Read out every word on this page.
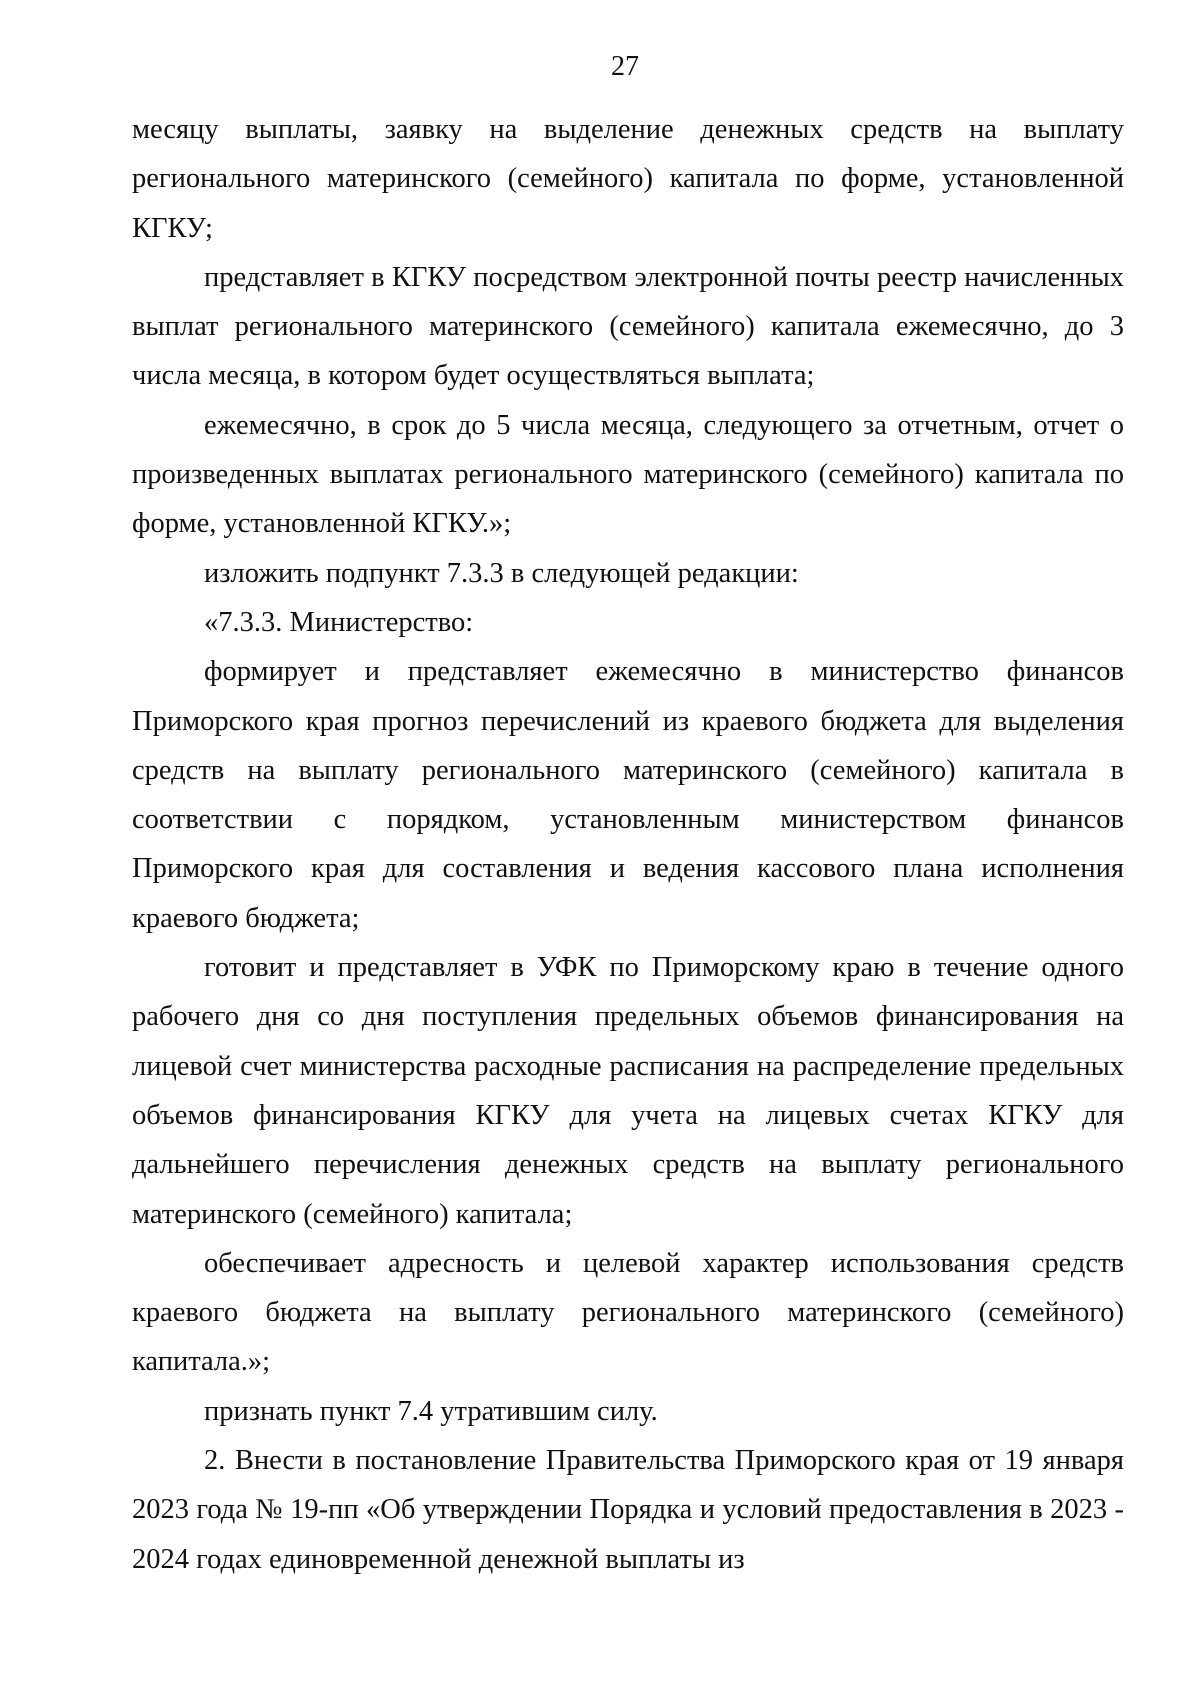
27

месяцу выплаты, заявку на выделение денежных средств на выплату регионального материнского (семейного) капитала по форме, установленной КГКУ;

представляет в КГКУ посредством электронной почты реестр начисленных выплат регионального материнского (семейного) капитала ежемесячно, до 3 числа месяца, в котором будет осуществляться выплата;

ежемесячно, в срок до 5 числа месяца, следующего за отчетным, отчет о произведенных выплатах регионального материнского (семейного) капитала по форме, установленной КГКУ.»;

изложить подпункт 7.3.3 в следующей редакции:

«7.3.3. Министерство:

формирует и представляет ежемесячно в министерство финансов Приморского края прогноз перечислений из краевого бюджета для выделения средств на выплату регионального материнского (семейного) капитала в соответствии с порядком, установленным министерством финансов Приморского края для составления и ведения кассового плана исполнения краевого бюджета;

готовит и представляет в УФК по Приморскому краю в течение одного рабочего дня со дня поступления предельных объемов финансирования на лицевой счет министерства расходные расписания на распределение предельных объемов финансирования КГКУ для учета на лицевых счетах КГКУ для дальнейшего перечисления денежных средств на выплату регионального материнского (семейного) капитала;

обеспечивает адресность и целевой характер использования средств краевого бюджета на выплату регионального материнского (семейного) капитала.»;

признать пункт 7.4 утратившим силу.

2. Внести в постановление Правительства Приморского края от 19 января 2023 года № 19-пп «Об утверждении Порядка и условий предоставления в 2023 - 2024 годах единовременной денежной выплаты из
